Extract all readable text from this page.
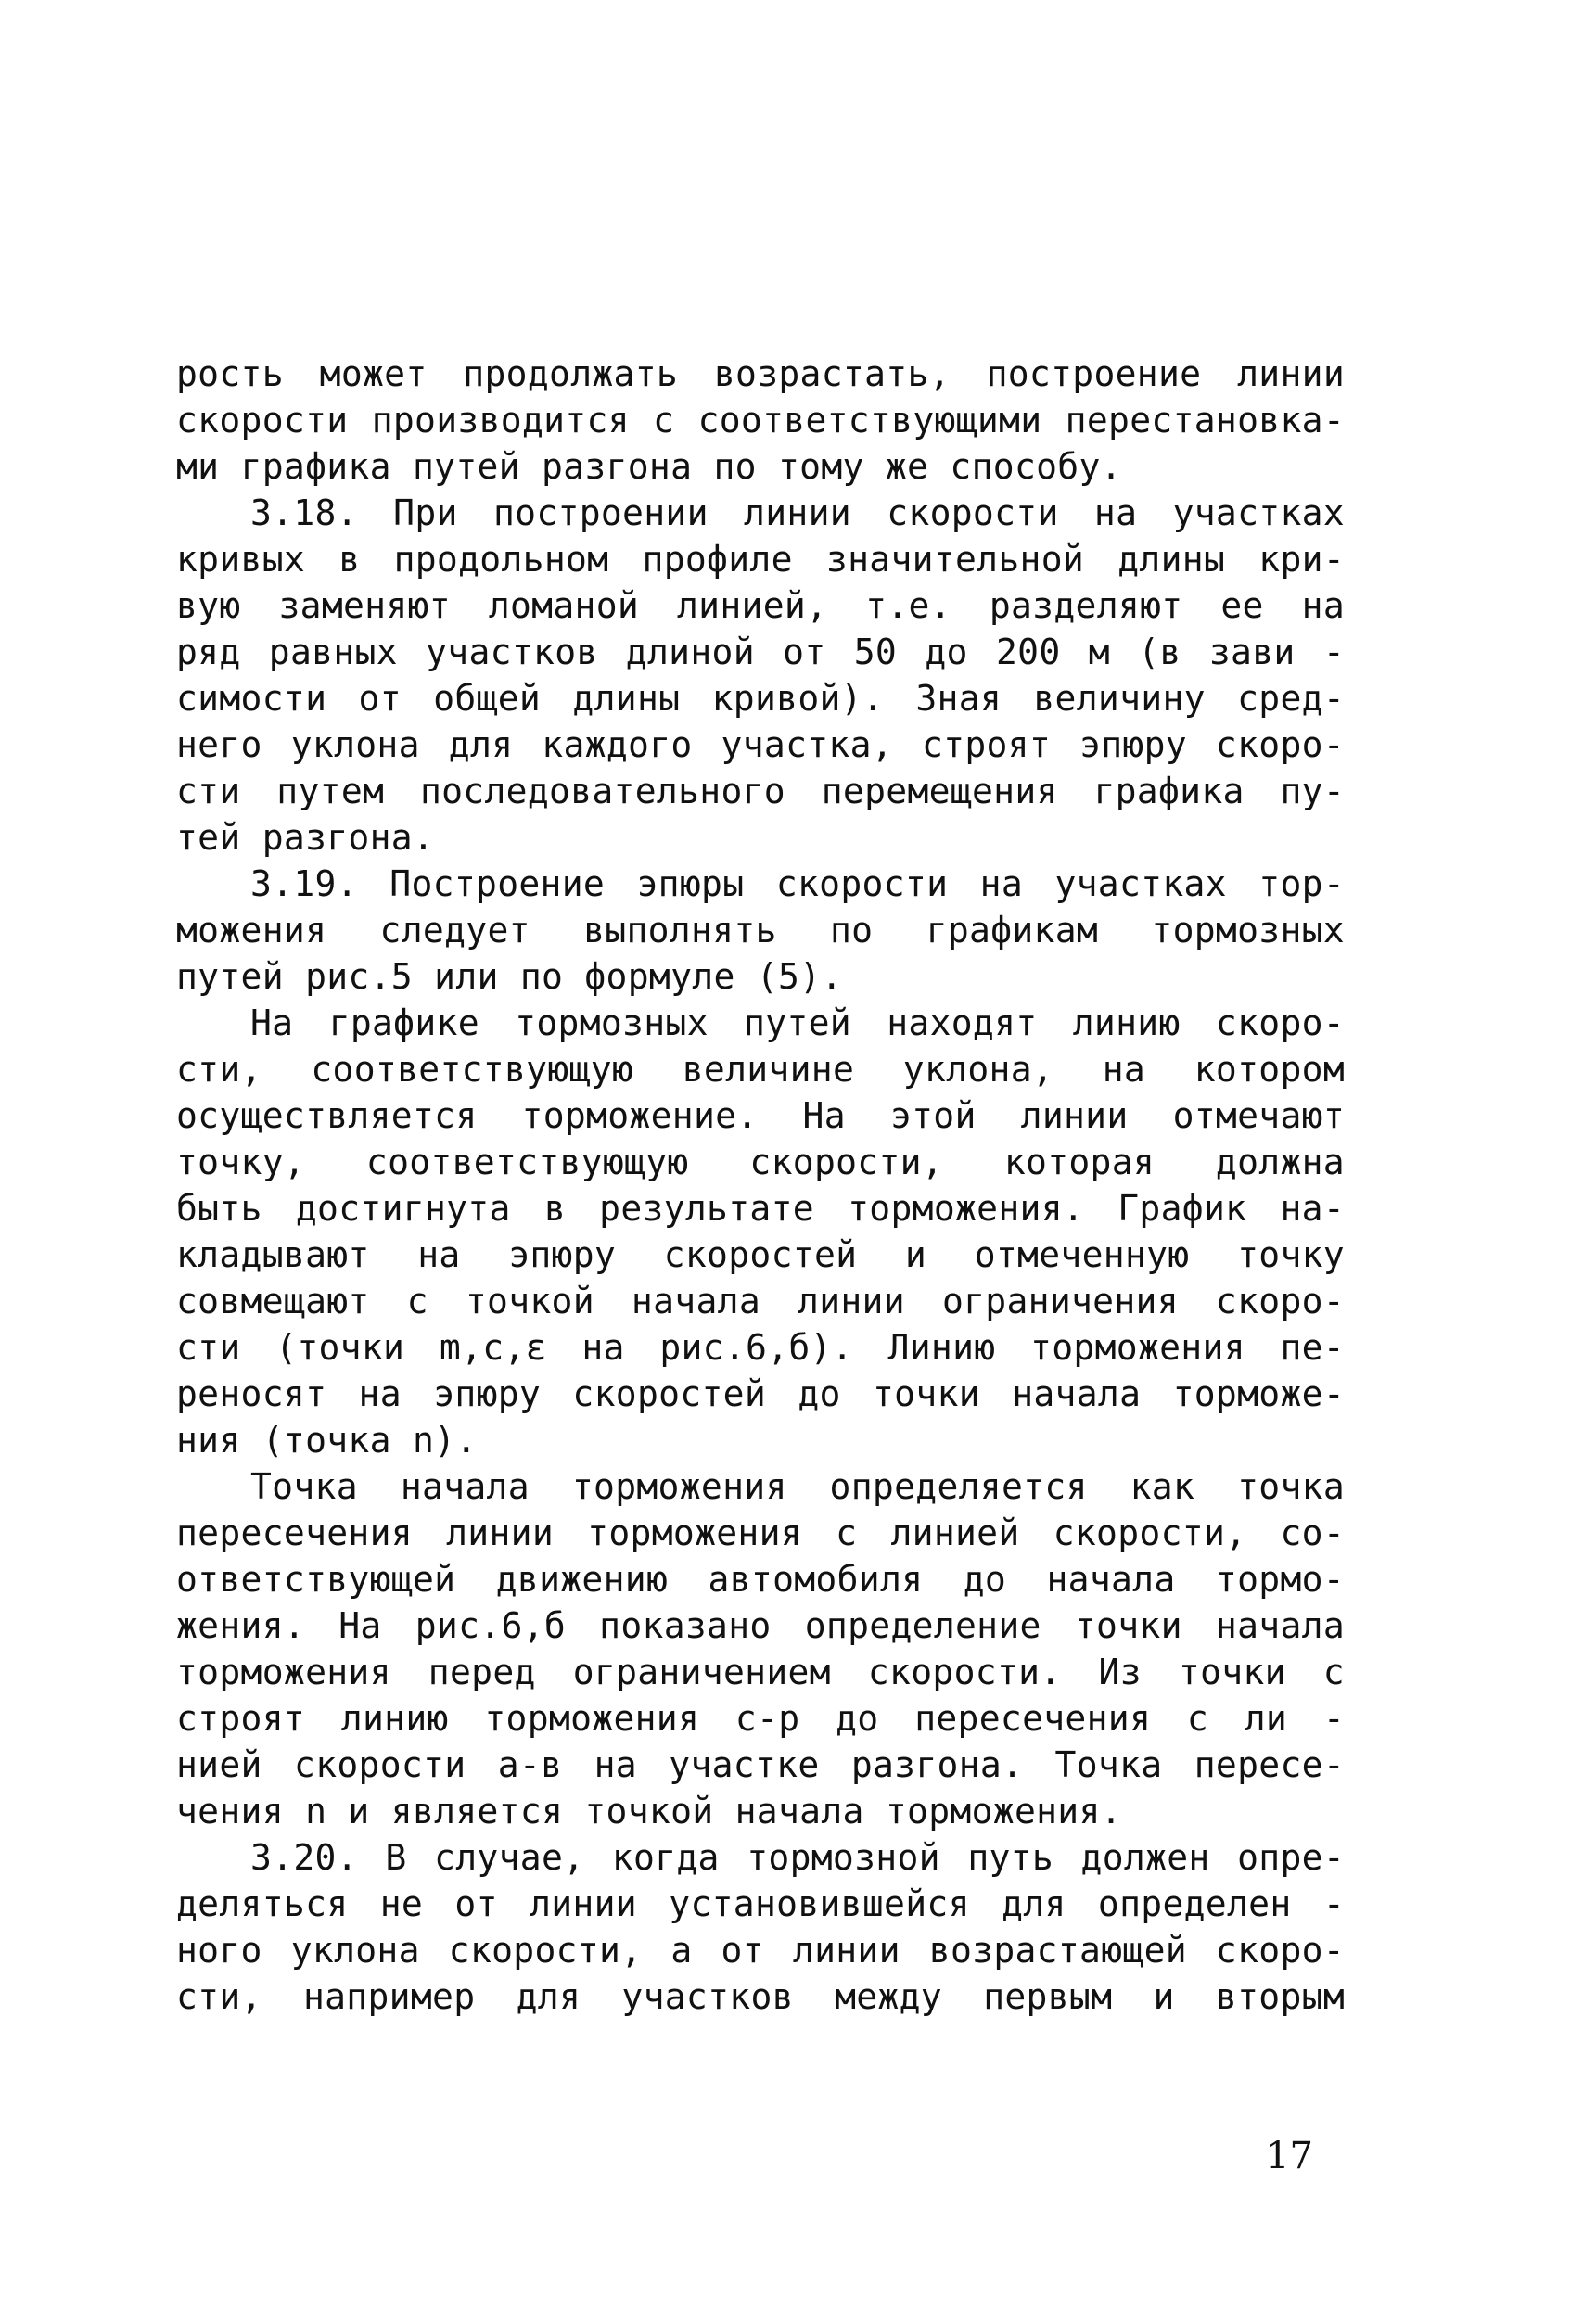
рость может продолжать возрастать, построение линии
скорости производится с соответствующими перестановка-
ми графика путей разгона по тому же способу.
3.18. При построении линии скорости на участках
кривых в продольном профиле значительной длины кри-
вую заменяют ломаной линией, т.е. разделяют ее на
ряд равных участков длиной от 50 до 200 м (в зави -
симости от общей длины кривой). Зная величину сред-
него уклона для каждого участка, строят эпюру скоро-
сти путем последовательного перемещения графика пу-
тей разгона.
3.19. Построение эпюры скорости на участках тор-
можения следует выполнять по графикам тормозных
путей рис.5 или по формуле (5).
На графике тормозных путей находят линию скоро-
сти, соответствующую величине уклона, на котором
осуществляется торможение. На этой линии отмечают
точку, соответствующую скорости, которая должна
быть достигнута в результате торможения. График на-
кладывают на эпюру скоростей и отмеченную точку
совмещают с точкой начала линии ограничения скоро-
сти (точки m,c,ε на рис.6,б). Линию торможения пе-
реносят на эпюру скоростей до точки начала торможе-
ния (точка n).
Точка начала торможения определяется как точка
пересечения линии торможения с линией скорости, со-
ответствующей движению автомобиля до начала тормо-
жения. На рис.6,б показано определение точки начала
торможения перед ограничением скорости. Из точки c
строят линию торможения c-p до пересечения с ли -
нией скорости a-в на участке разгона. Точка пересе-
чения n и является точкой начала торможения.
3.20. В случае, когда тормозной путь должен опре-
деляться не от линии установившейся для определен -
ного уклона скорости, а от линии возрастающей скоро-
сти, например для участков между первым и вторым
17
